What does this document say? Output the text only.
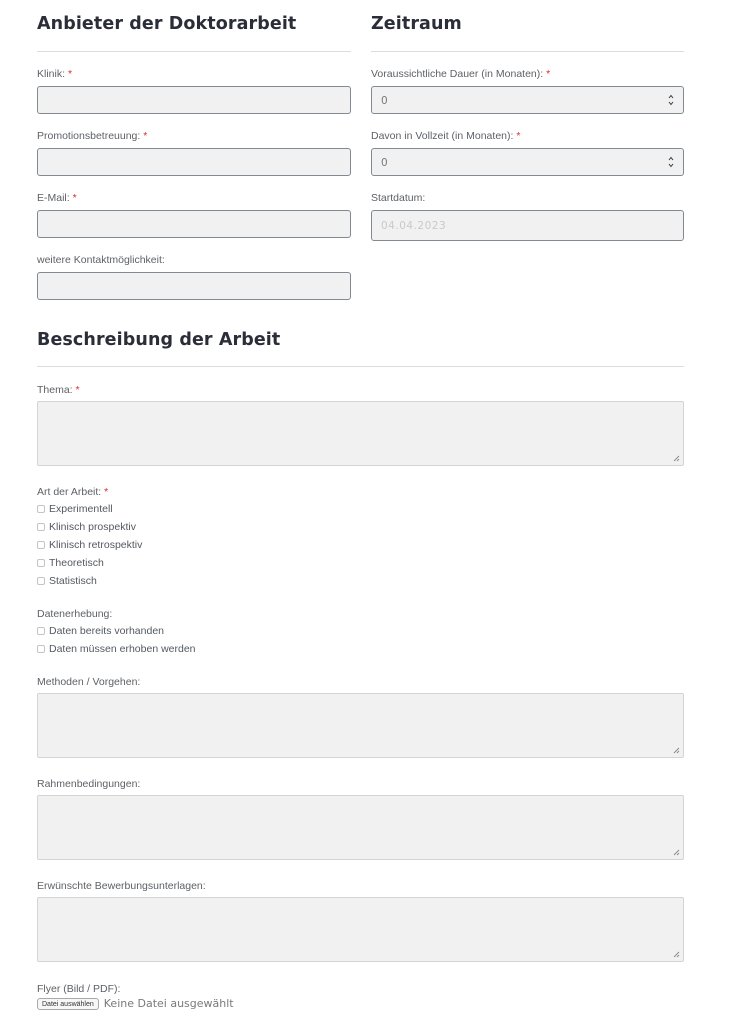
Anbieter der Doktorarbeit
Klinik: *
Promotionsbetreuung: *
E-Mail: *
weitere Kontaktmöglichkeit:
Zeitraum
Voraussichtliche Dauer (in Monaten): *
0
Davon in Vollzeit (in Monaten): *
0
Startdatum:
04.04.2023
Beschreibung der Arbeit
Thema: *
Art der Arbeit: *
Experimentell
Klinisch prospektiv
Klinisch retrospektiv
Theoretisch
Statistisch
Datenerhebung:
Daten bereits vorhanden
Daten müssen erhoben werden
Methoden / Vorgehen:
Rahmenbedingungen:
Erwünschte Bewerbungsunterlagen:
Flyer (Bild / PDF):
Datei auswählen Keine Datei ausgewählt
